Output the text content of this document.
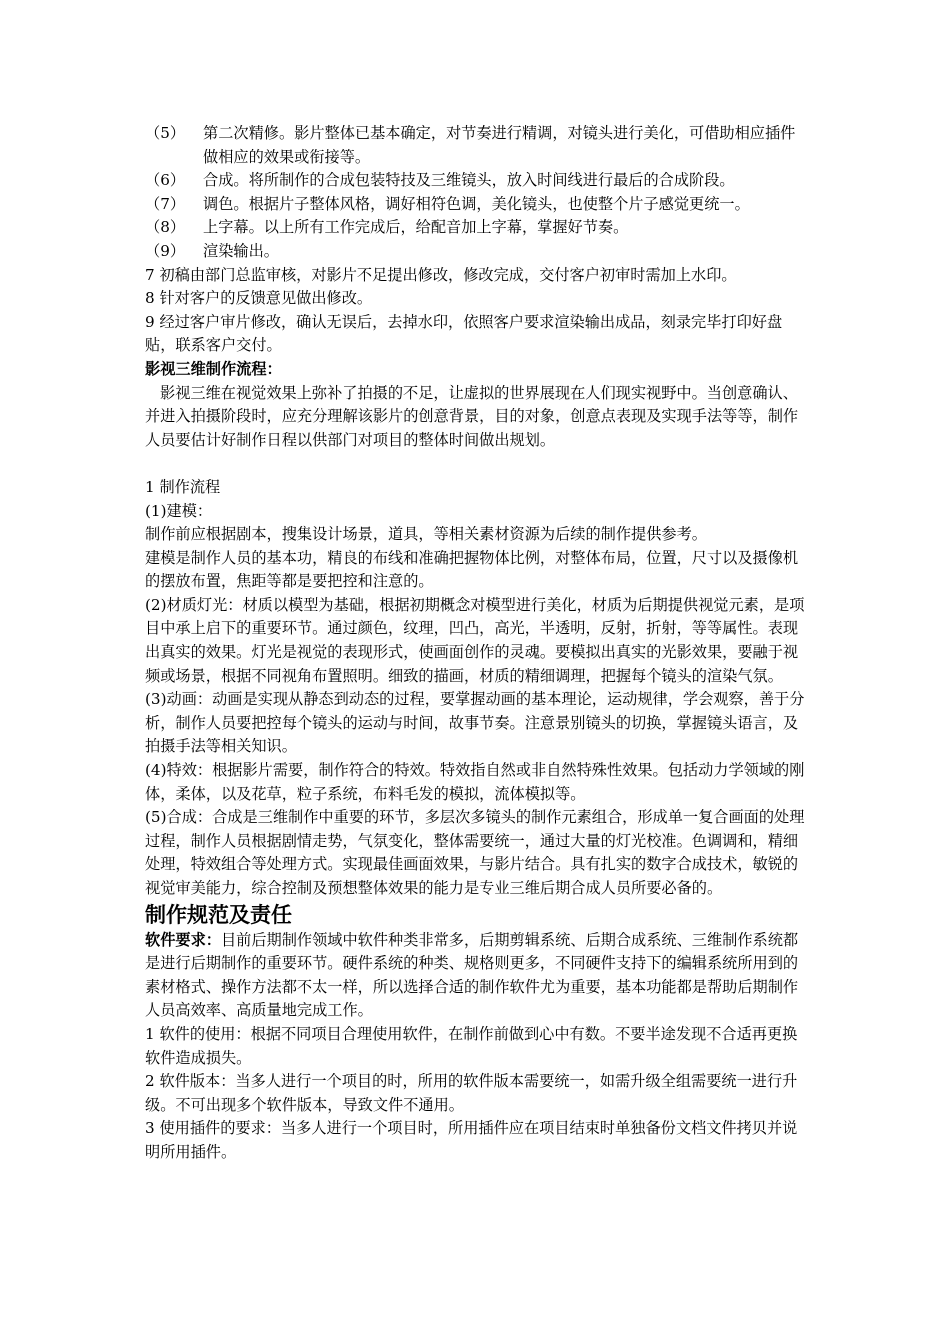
（5）	第二次精修。影片整体已基本确定，对节奏进行精调，对镜头进行美化，可借助相应插件做相应的效果或衔接等。
（6）	合成。将所制作的合成包装特技及三维镜头，放入时间线进行最后的合成阶段。
（7）	调色。根据片子整体风格，调好相符色调，美化镜头，也使整个片子感觉更统一。
（8）	上字幕。以上所有工作完成后，给配音加上字幕，掌握好节奏。
（9）	渲染输出。

7 初稿由部门总监审核，对影片不足提出修改，修改完成，交付客户初审时需加上水印。

8 针对客户的反馈意见做出修改。

9 经过客户审片修改，确认无误后，去掉水印，依照客户要求渲染输出成品，刻录完毕打印好盘贴，联系客户交付。

影视三维制作流程：

影视三维在视觉效果上弥补了拍摄的不足，让虚拟的世界展现在人们现实视野中。当创意确认、并进入拍摄阶段时，应充分理解该影片的创意背景，目的对象，创意点表现及实现手法等等，制作人员要估计好制作日程以供部门对项目的整体时间做出规划。

1 制作流程

(1)建模：

制作前应根据剧本，搜集设计场景，道具，等相关素材资源为后续的制作提供参考。

建模是制作人员的基本功，精良的布线和准确把握物体比例，对整体布局，位置，尺寸以及摄像机的摆放布置，焦距等都是要把控和注意的。

(2)材质灯光：材质以模型为基础，根据初期概念对模型进行美化，材质为后期提供视觉元素，是项目中承上启下的重要环节。通过颜色，纹理，凹凸，高光，半透明，反射，折射，等等属性。表现出真实的效果。灯光是视觉的表现形式，使画面创作的灵魂。要模拟出真实的光影效果，要融于视频或场景，根据不同视角布置照明。细致的描画，材质的精细调理，把握每个镜头的渲染气氛。

(3)动画：动画是实现从静态到动态的过程，要掌握动画的基本理论，运动规律，学会观察，善于分析，制作人员要把控每个镜头的运动与时间，故事节奏。注意景别镜头的切换，掌握镜头语言，及拍摄手法等相关知识。

(4)特效：根据影片需要，制作符合的特效。特效指自然或非自然特殊性效果。包括动力学领域的刚体，柔体，以及花草，粒子系统，布料毛发的模拟，流体模拟等。

(5)合成：合成是三维制作中重要的环节，多层次多镜头的制作元素组合，形成单一复合画面的处理过程，制作人员根据剧情走势，气氛变化，整体需要统一，通过大量的灯光校准。色调调和，精细处理，特效组合等处理方式。实现最佳画面效果，与影片结合。具有扎实的数字合成技术，敏锐的视觉审美能力，综合控制及预想整体效果的能力是专业三维后期合成人员所要必备的。

制作规范及责任

软件要求：目前后期制作领域中软件种类非常多，后期剪辑系统、后期合成系统、三维制作系统都是进行后期制作的重要环节。硬件系统的种类、规格则更多，不同硬件支持下的编辑系统所用到的素材格式、操作方法都不太一样，所以选择合适的制作软件尤为重要，基本功能都是帮助后期制作人员高效率、高质量地完成工作。

1 软件的使用：根据不同项目合理使用软件，在制作前做到心中有数。不要半途发现不合适再更换软件造成损失。

2 软件版本：当多人进行一个项目的时，所用的软件版本需要统一，如需升级全组需要统一进行升级。不可出现多个软件版本，导致文件不通用。

3 使用插件的要求：当多人进行一个项目时，所用插件应在项目结束时单独备份文档文件拷贝并说明所用插件。
